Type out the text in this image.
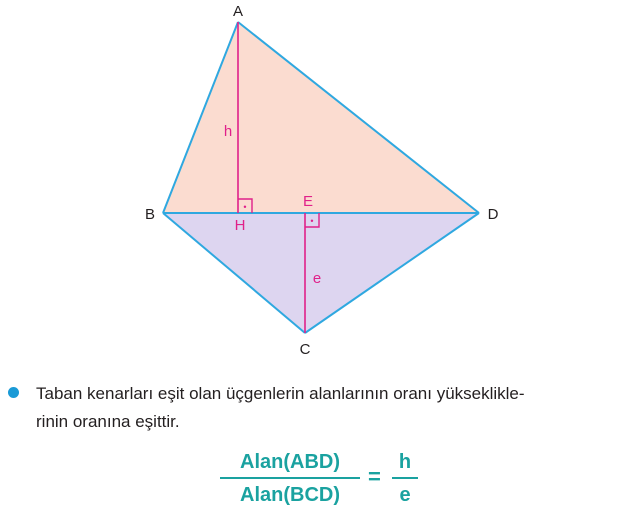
•
•
A
B	D
C
H
E
h
e
Taban kenarları eşit olan üçgenlerin alanlarının oranı yükseklikle-
rinin oranına eşittir.
Alan(ABD)
Alan(BCD)
=
h
e
